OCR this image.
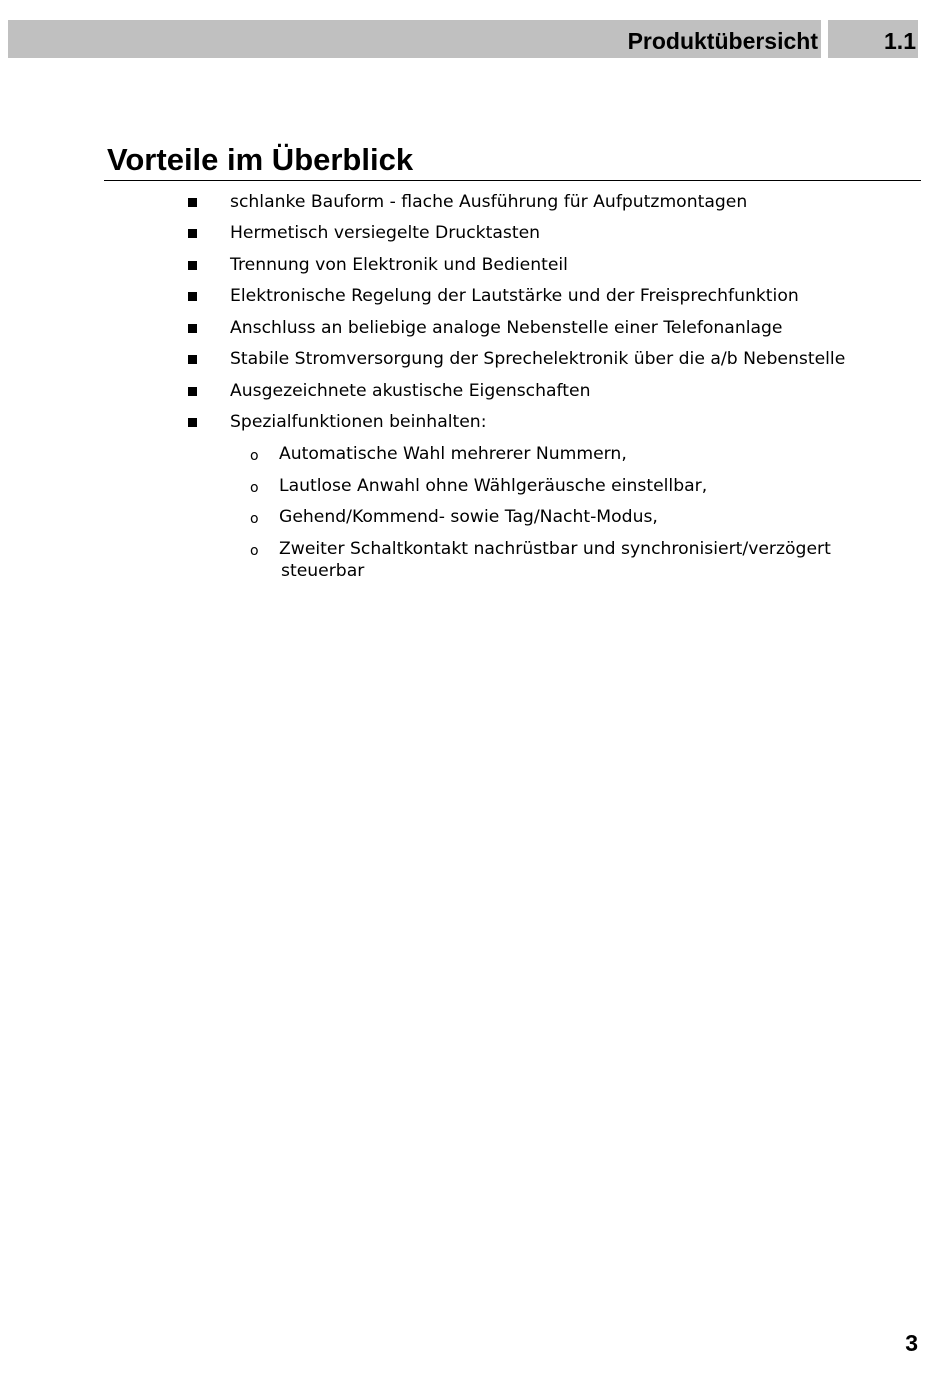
Produktübersicht	1.1
Vorteile im Überblick
schlanke Bauform - flache Ausführung für Aufputzmontagen
Hermetisch versiegelte Drucktasten
Trennung von Elektronik und Bedienteil
Elektronische Regelung der Lautstärke und der Freisprechfunktion
Anschluss an beliebige analoge Nebenstelle einer Telefonanlage
Stabile Stromversorgung der Sprechelektronik über die a/b Nebenstelle
Ausgezeichnete akustische Eigenschaften
Spezialfunktionen beinhalten:
o Automatische Wahl mehrerer Nummern,
o Lautlose Anwahl ohne Wählgeräusche einstellbar,
o Gehend/Kommend- sowie Tag/Nacht-Modus,
o Zweiter Schaltkontakt nachrüstbar und synchronisiert/verzögert
steuerbar
3
